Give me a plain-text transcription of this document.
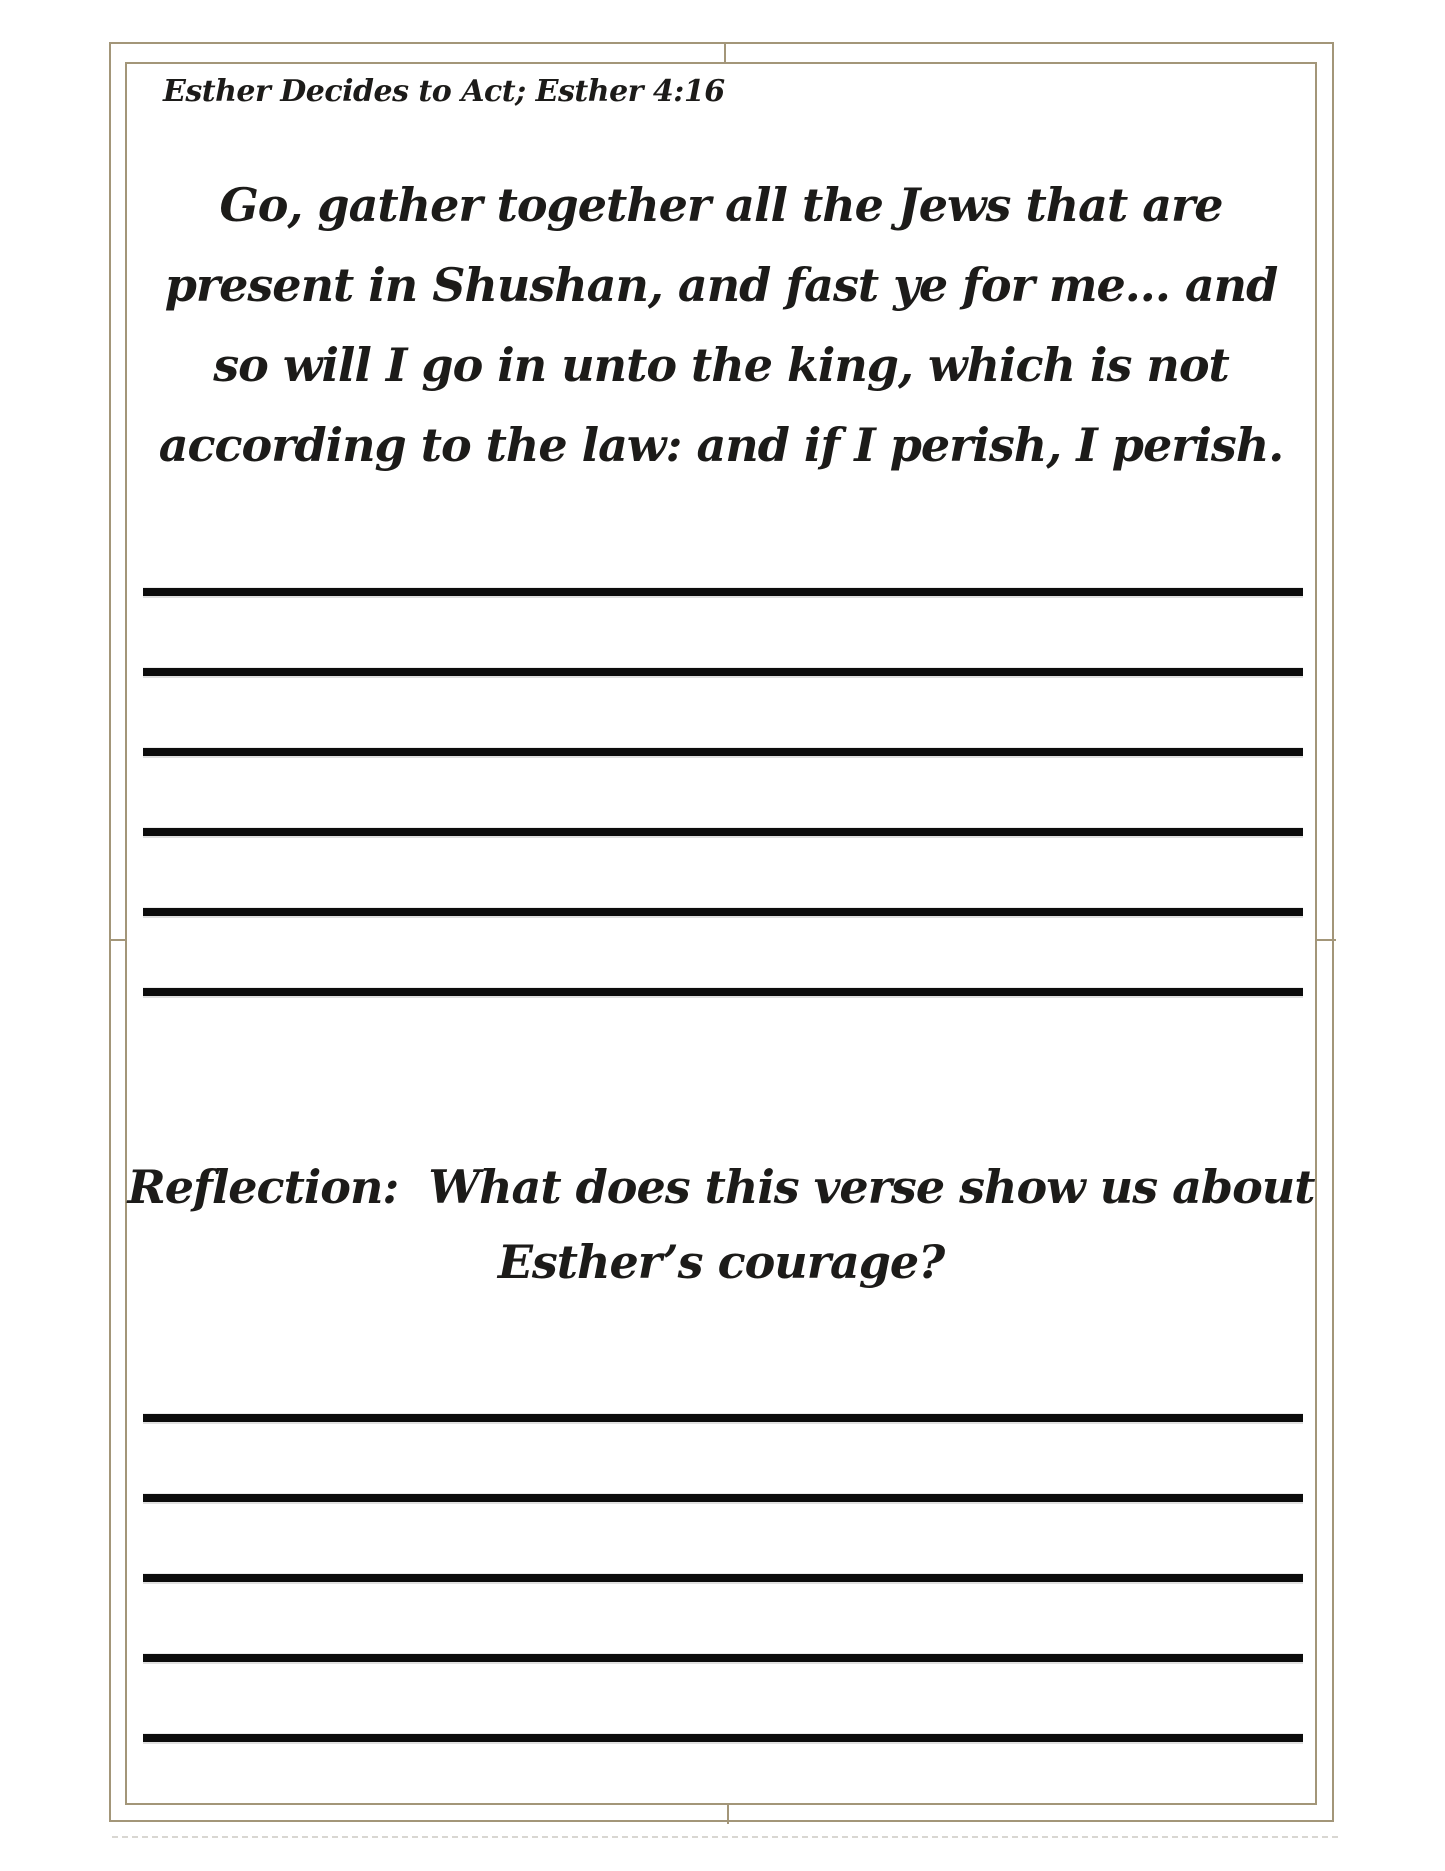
Esther Decides to Act; Esther 4:16
Go, gather together all the Jews that are
present in Shushan, and fast ye for me... and
so will I go in unto the king, which is not
according to the law: and if I perish, I perish.
Reflection:  What does this verse show us about
Esther’s courage?
